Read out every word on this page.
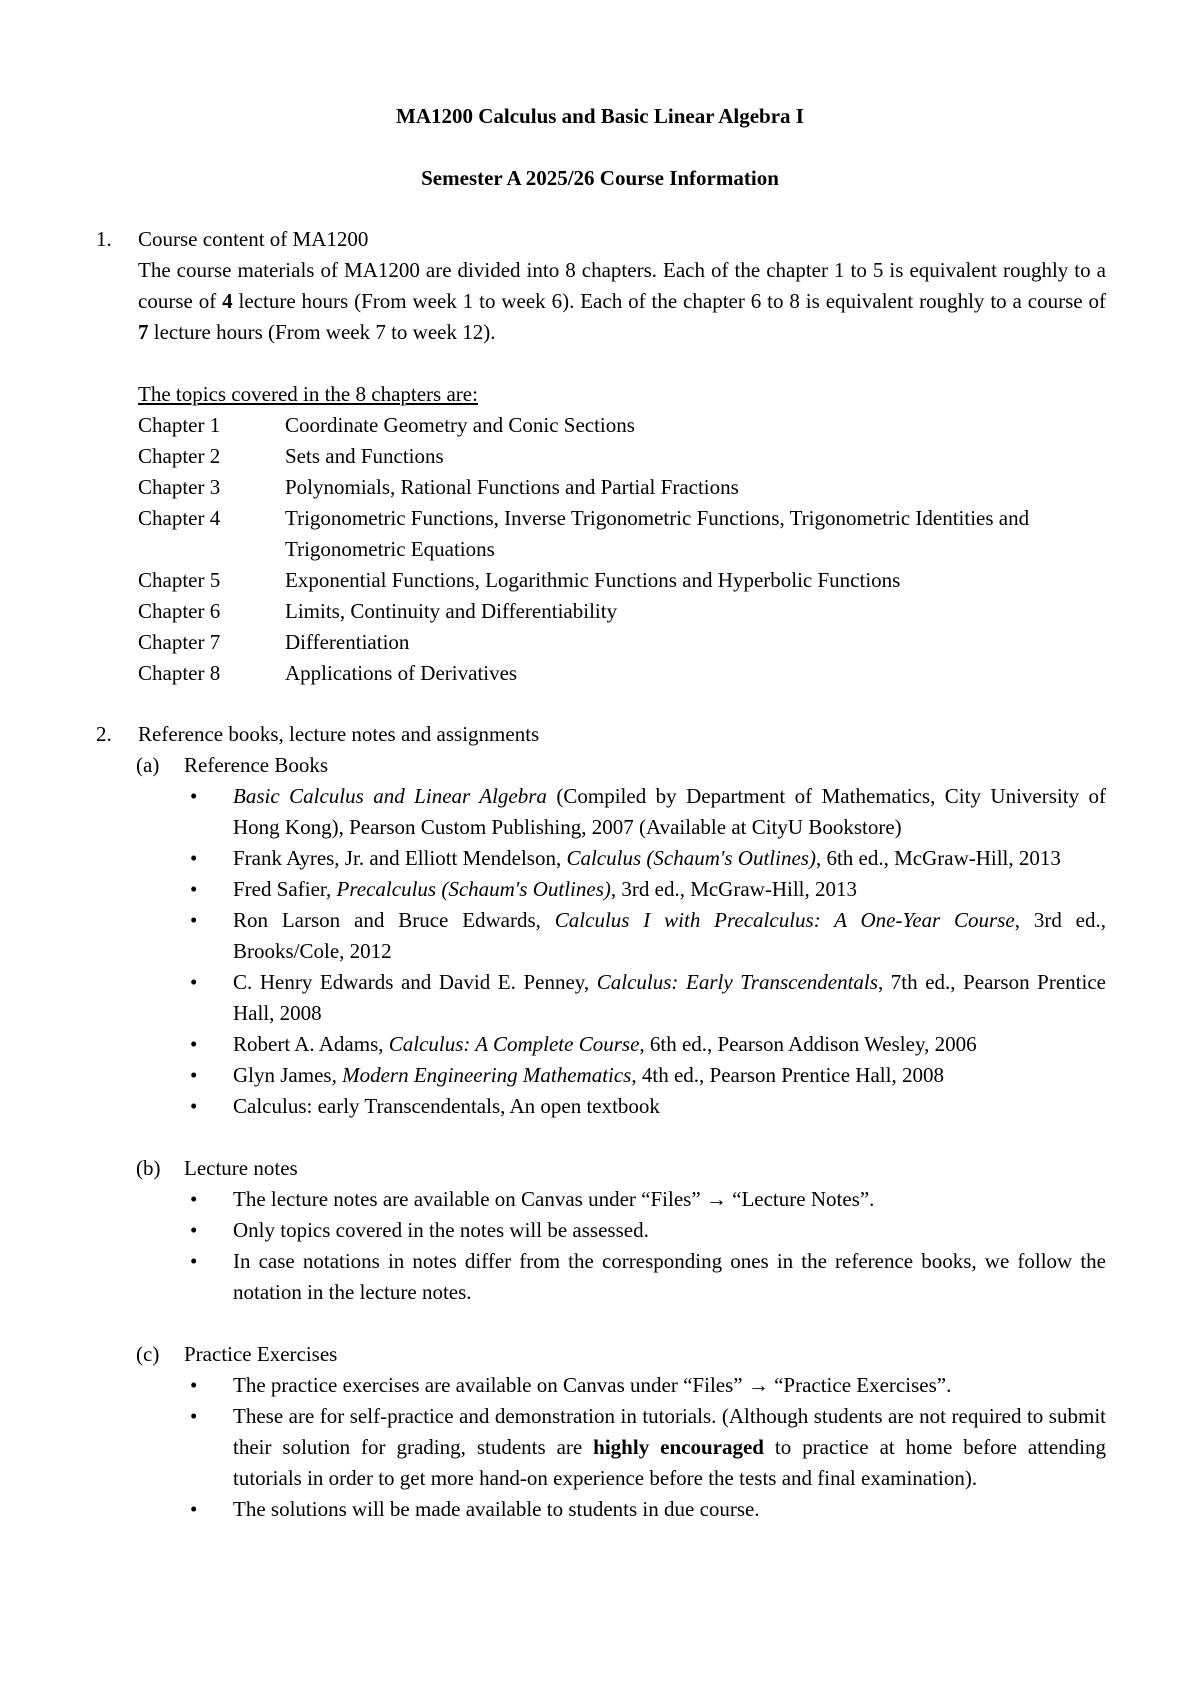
MA1200 Calculus and Basic Linear Algebra I
Semester A 2025/26 Course Information
1.	Course content of MA1200
The course materials of MA1200 are divided into 8 chapters. Each of the chapter 1 to 5 is equivalent roughly to a course of 4 lecture hours (From week 1 to week 6). Each of the chapter 6 to 8 is equivalent roughly to a course of 7 lecture hours (From week 7 to week 12).
The topics covered in the 8 chapters are:
Chapter 1	Coordinate Geometry and Conic Sections
Chapter 2	Sets and Functions
Chapter 3	Polynomials, Rational Functions and Partial Fractions
Chapter 4	Trigonometric Functions, Inverse Trigonometric Functions, Trigonometric Identities and Trigonometric Equations
Chapter 5	Exponential Functions, Logarithmic Functions and Hyperbolic Functions
Chapter 6	Limits, Continuity and Differentiability
Chapter 7	Differentiation
Chapter 8	Applications of Derivatives
2.	Reference books, lecture notes and assignments
(a)	Reference Books
•	Basic Calculus and Linear Algebra (Compiled by Department of Mathematics, City University of Hong Kong), Pearson Custom Publishing, 2007 (Available at CityU Bookstore)
•	Frank Ayres, Jr. and Elliott Mendelson, Calculus (Schaum's Outlines), 6th ed., McGraw-Hill, 2013
•	Fred Safier, Precalculus (Schaum's Outlines), 3rd ed., McGraw-Hill, 2013
•	Ron Larson and Bruce Edwards, Calculus I with Precalculus: A One-Year Course, 3rd ed., Brooks/Cole, 2012
•	C. Henry Edwards and David E. Penney, Calculus: Early Transcendentals, 7th ed., Pearson Prentice Hall, 2008
•	Robert A. Adams, Calculus: A Complete Course, 6th ed., Pearson Addison Wesley, 2006
•	Glyn James, Modern Engineering Mathematics, 4th ed., Pearson Prentice Hall, 2008
•	Calculus: early Transcendentals, An open textbook
(b)	Lecture notes
•	The lecture notes are available on Canvas under “Files” → “Lecture Notes”.
•	Only topics covered in the notes will be assessed.
•	In case notations in notes differ from the corresponding ones in the reference books, we follow the notation in the lecture notes.
(c)	Practice Exercises
•	The practice exercises are available on Canvas under “Files” → “Practice Exercises”.
•	These are for self-practice and demonstration in tutorials. (Although students are not required to submit their solution for grading, students are highly encouraged to practice at home before attending tutorials in order to get more hand-on experience before the tests and final examination).
•	The solutions will be made available to students in due course.
